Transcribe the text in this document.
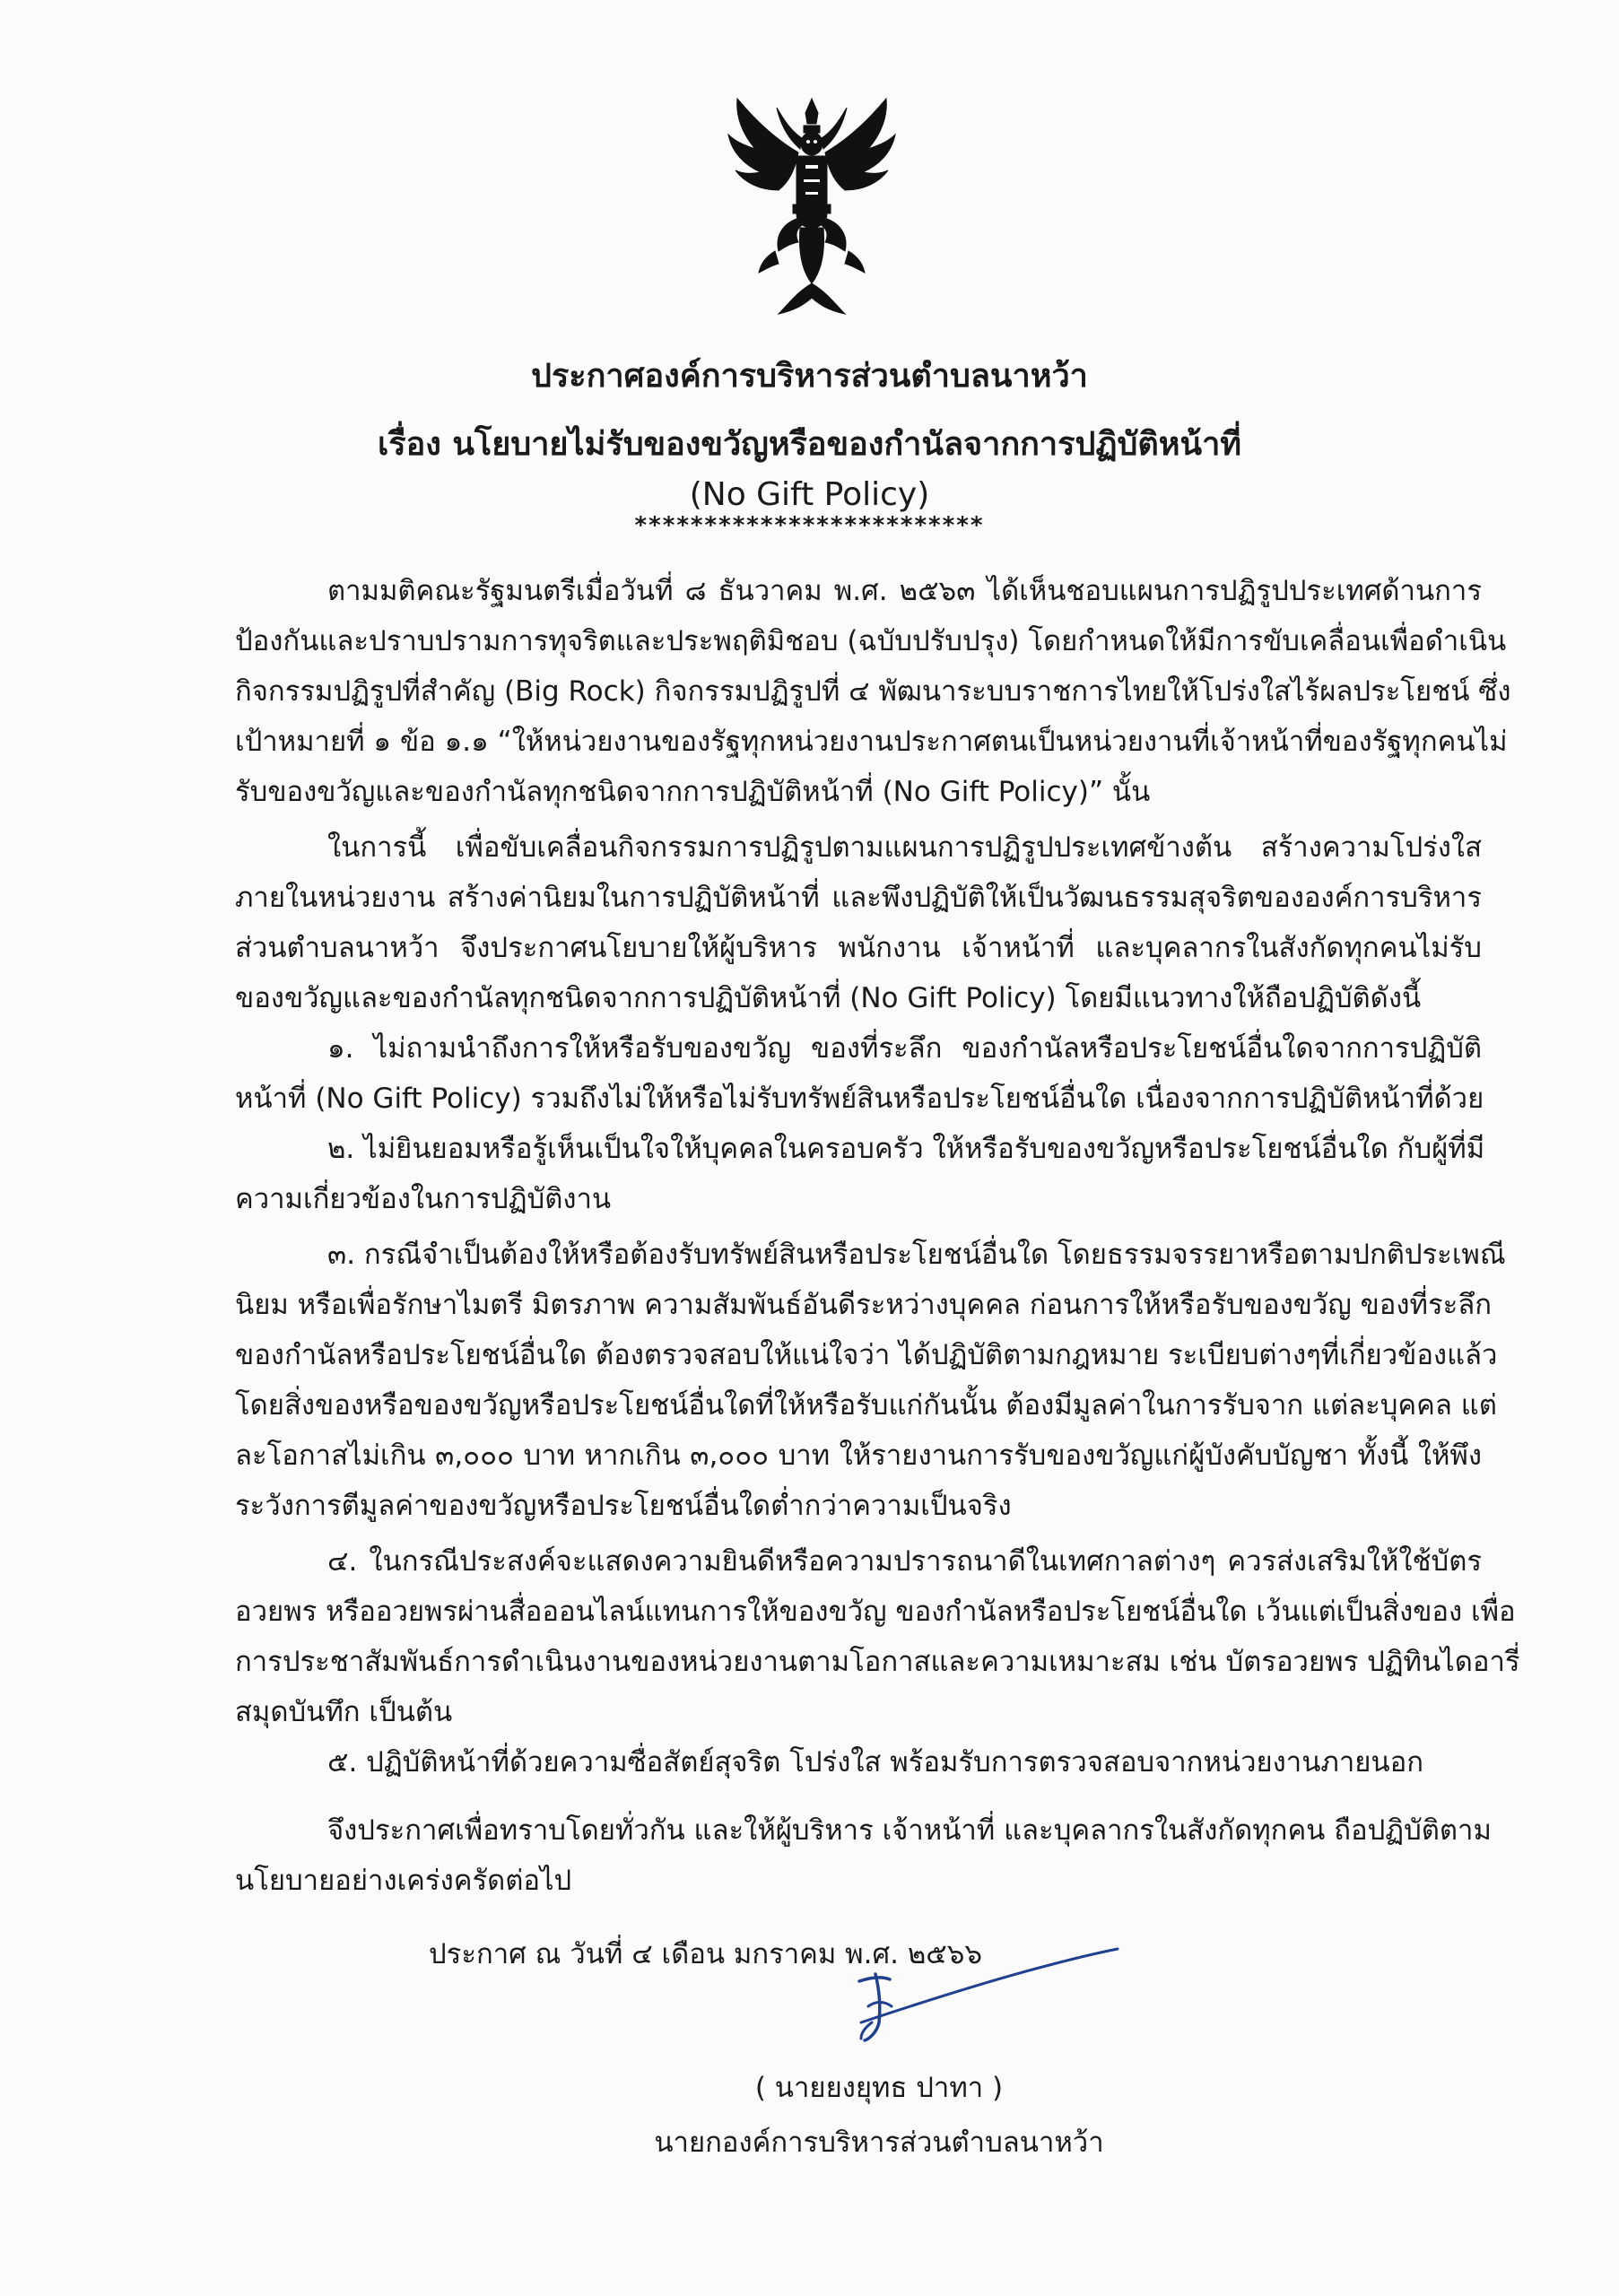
ประกาศองค์การบริหารส่วนตำบลนาหว้า
เรื่อง นโยบายไม่รับของขวัญหรือของกำนัลจากการปฏิบัติหน้าที่
(No Gift Policy)
*************************
ตามมติคณะรัฐมนตรีเมื่อวันที่ ๘ ธันวาคม พ.ศ. ๒๕๖๓ ได้เห็นชอบแผนการปฏิรูปประเทศด้านการ
ป้องกันและปราบปรามการทุจริตและประพฤติมิชอบ (ฉบับปรับปรุง) โดยกำหนดให้มีการขับเคลื่อนเพื่อดำเนิน
กิจกรรมปฏิรูปที่สำคัญ (Big Rock) กิจกรรมปฏิรูปที่ ๔ พัฒนาระบบราชการไทยให้โปร่งใสไร้ผลประโยชน์ ซึ่ง
เป้าหมายที่ ๑ ข้อ ๑.๑ “ให้หน่วยงานของรัฐทุกหน่วยงานประกาศตนเป็นหน่วยงานที่เจ้าหน้าที่ของรัฐทุกคนไม่
รับของขวัญและของกำนัลทุกชนิดจากการปฏิบัติหน้าที่ (No Gift Policy)” นั้น
ในการนี้ เพื่อขับเคลื่อนกิจกรรมการปฏิรูปตามแผนการปฏิรูปประเทศข้างต้น สร้างความโปร่งใส
ภายในหน่วยงาน สร้างค่านิยมในการปฏิบัติหน้าที่ และพึงปฏิบัติให้เป็นวัฒนธรรมสุจริตขององค์การบริหาร
ส่วนตำบลนาหว้า จึงประกาศนโยบายให้ผู้บริหาร พนักงาน เจ้าหน้าที่ และบุคลากรในสังกัดทุกคนไม่รับ
ของขวัญและของกำนัลทุกชนิดจากการปฏิบัติหน้าที่ (No Gift Policy) โดยมีแนวทางให้ถือปฏิบัติดังนี้
๑. ไม่ถามนำถึงการให้หรือรับของขวัญ ของที่ระลึก ของกำนัลหรือประโยชน์อื่นใดจากการปฏิบัติ
หน้าที่ (No Gift Policy) รวมถึงไม่ให้หรือไม่รับทรัพย์สินหรือประโยชน์อื่นใด เนื่องจากการปฏิบัติหน้าที่ด้วย
๒. ไม่ยินยอมหรือรู้เห็นเป็นใจให้บุคคลในครอบครัว ให้หรือรับของขวัญหรือประโยชน์อื่นใด กับผู้ที่มี
ความเกี่ยวข้องในการปฏิบัติงาน
๓. กรณีจำเป็นต้องให้หรือต้องรับทรัพย์สินหรือประโยชน์อื่นใด โดยธรรมจรรยาหรือตามปกติประเพณี
นิยม หรือเพื่อรักษาไมตรี มิตรภาพ ความสัมพันธ์อันดีระหว่างบุคคล ก่อนการให้หรือรับของขวัญ ของที่ระลึก
ของกำนัลหรือประโยชน์อื่นใด ต้องตรวจสอบให้แน่ใจว่า ได้ปฏิบัติตามกฎหมาย ระเบียบต่างๆที่เกี่ยวข้องแล้ว
โดยสิ่งของหรือของขวัญหรือประโยชน์อื่นใดที่ให้หรือรับแก่กันนั้น ต้องมีมูลค่าในการรับจาก แต่ละบุคคล แต่
ละโอกาสไม่เกิน ๓,๐๐๐ บาท หากเกิน ๓,๐๐๐ บาท ให้รายงานการรับของขวัญแก่ผู้บังคับบัญชา ทั้งนี้ ให้พึง
ระวังการตีมูลค่าของขวัญหรือประโยชน์อื่นใดต่ำกว่าความเป็นจริง
๔. ในกรณีประสงค์จะแสดงความยินดีหรือความปรารถนาดีในเทศกาลต่างๆ ควรส่งเสริมให้ใช้บัตร
อวยพร หรืออวยพรผ่านสื่อออนไลน์แทนการให้ของขวัญ ของกำนัลหรือประโยชน์อื่นใด เว้นแต่เป็นสิ่งของ เพื่อ
การประชาสัมพันธ์การดำเนินงานของหน่วยงานตามโอกาสและความเหมาะสม เช่น บัตรอวยพร ปฏิทินไดอารี่
สมุดบันทึก เป็นต้น
๕. ปฏิบัติหน้าที่ด้วยความซื่อสัตย์สุจริต โปร่งใส พร้อมรับการตรวจสอบจากหน่วยงานภายนอก
จึงประกาศเพื่อทราบโดยทั่วกัน และให้ผู้บริหาร เจ้าหน้าที่ และบุคลากรในสังกัดทุกคน ถือปฏิบัติตาม
นโยบายอย่างเคร่งครัดต่อไป
ประกาศ ณ วันที่ ๔ เดือน มกราคม พ.ศ. ๒๕๖๖
( นายยงยุทธ ปาทา )
นายกองค์การบริหารส่วนตำบลนาหว้า
